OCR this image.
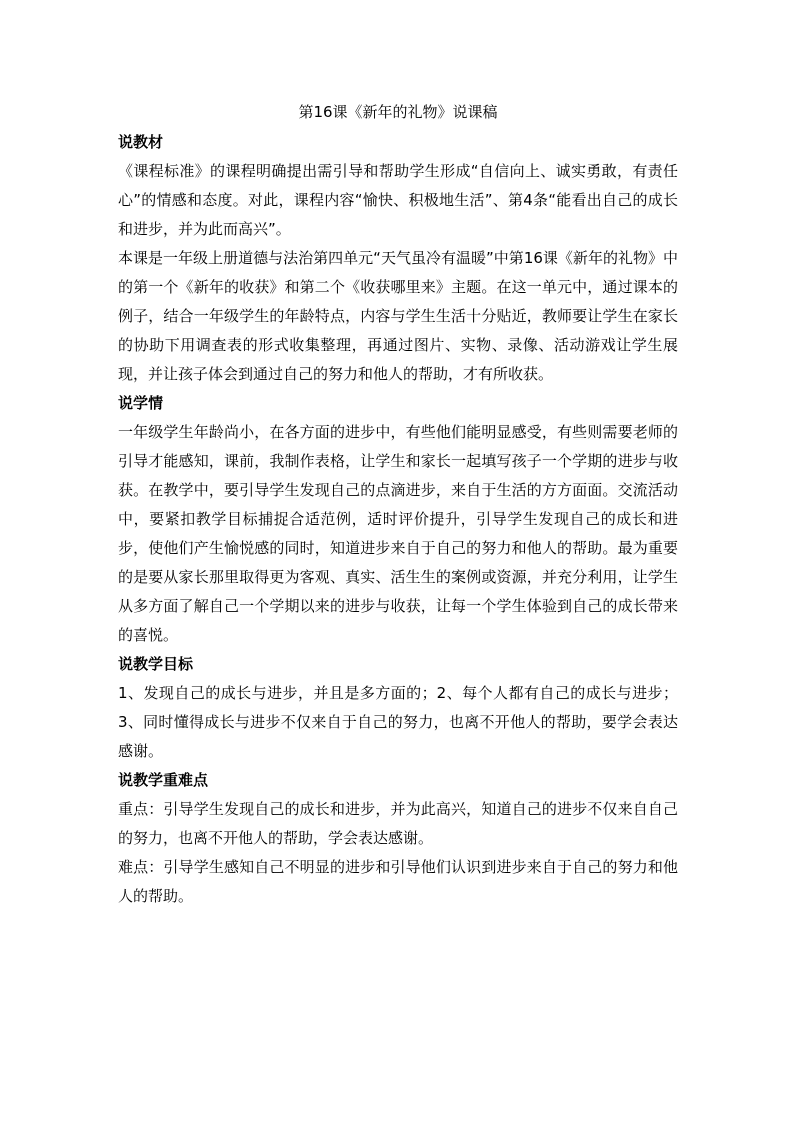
第16课《新年的礼物》说课稿

说教材

《课程标准》的课程明确提出需引导和帮助学生形成“自信向上、诚实勇敢，有责任心”的情感和态度。对此，课程内容“愉快、积极地生活”、第4条“能看出自己的成长和进步，并为此而高兴”。

本课是一年级上册道德与法治第四单元“天气虽冷有温暖”中第16课《新年的礼物》中的第一个《新年的收获》和第二个《收获哪里来》主题。在这一单元中，通过课本的例子，结合一年级学生的年龄特点，内容与学生生活十分贴近，教师要让学生在家长的协助下用调查表的形式收集整理，再通过图片、实物、录像、活动游戏让学生展现，并让孩子体会到通过自己的努力和他人的帮助，才有所收获。

说学情

一年级学生年龄尚小，在各方面的进步中，有些他们能明显感受，有些则需要老师的引导才能感知，课前，我制作表格，让学生和家长一起填写孩子一个学期的进步与收获。在教学中，要引导学生发现自己的点滴进步，来自于生活的方方面面。交流活动中，要紧扣教学目标捕捉合适范例，适时评价提升，引导学生发现自己的成长和进步，使他们产生愉悦感的同时，知道进步来自于自己的努力和他人的帮助。最为重要的是要从家长那里取得更为客观、真实、活生生的案例或资源，并充分利用，让学生从多方面了解自己一个学期以来的进步与收获，让每一个学生体验到自己的成长带来的喜悦。

说教学目标

1、发现自己的成长与进步，并且是多方面的；2、每个人都有自己的成长与进步；3、同时懂得成长与进步不仅来自于自己的努力，也离不开他人的帮助，要学会表达感谢。

说教学重难点

重点：引导学生发现自己的成长和进步，并为此高兴，知道自己的进步不仅来自自己的努力，也离不开他人的帮助，学会表达感谢。

难点：引导学生感知自己不明显的进步和引导他们认识到进步来自于自己的努力和他人的帮助。
